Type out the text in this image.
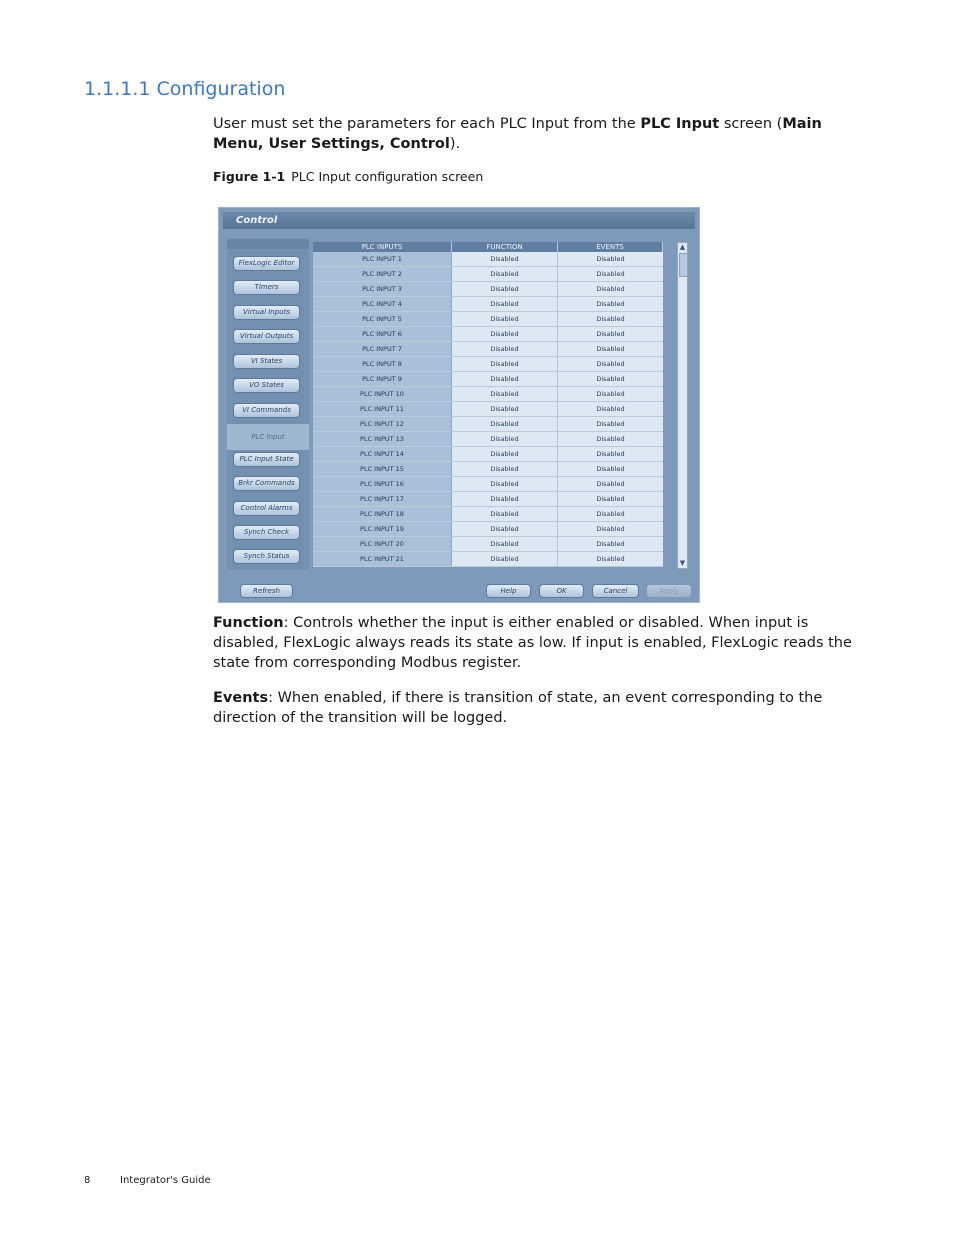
1.1.1.1 Configuration

User must set the parameters for each PLC Input from the PLC Input screen (Main Menu, User Settings, Control).

Figure 1-1 PLC Input configuration screen
Control
FlexLogic Editor
Timers
Virtual Inputs
Virtual Outputs
VI States
VO States
VI Commands
PLC Input
PLC Input State
Brkr Commands
Control Alarms
Synch Check
Synch Status
PLC INPUTS	FUNCTION	EVENTS
PLC INPUT 1	Disabled	Disabled
PLC INPUT 2	Disabled	Disabled
PLC INPUT 3	Disabled	Disabled
PLC INPUT 4	Disabled	Disabled
PLC INPUT 5	Disabled	Disabled
PLC INPUT 6	Disabled	Disabled
PLC INPUT 7	Disabled	Disabled
PLC INPUT 8	Disabled	Disabled
PLC INPUT 9	Disabled	Disabled
PLC INPUT 10	Disabled	Disabled
PLC INPUT 11	Disabled	Disabled
PLC INPUT 12	Disabled	Disabled
PLC INPUT 13	Disabled	Disabled
PLC INPUT 14	Disabled	Disabled
PLC INPUT 15	Disabled	Disabled
PLC INPUT 16	Disabled	Disabled
PLC INPUT 17	Disabled	Disabled
PLC INPUT 18	Disabled	Disabled
PLC INPUT 19	Disabled	Disabled
PLC INPUT 20	Disabled	Disabled
PLC INPUT 21	Disabled	Disabled
▲
▼
Refresh	Help	OK	Cancel	Apply

Function: Controls whether the input is either enabled or disabled. When input is disabled, FlexLogic always reads its state as low. If input is enabled, FlexLogic reads the state from corresponding Modbus register.

Events: When enabled, if there is transition of state, an event corresponding to the direction of the transition will be logged.

8	Integrator's Guide
